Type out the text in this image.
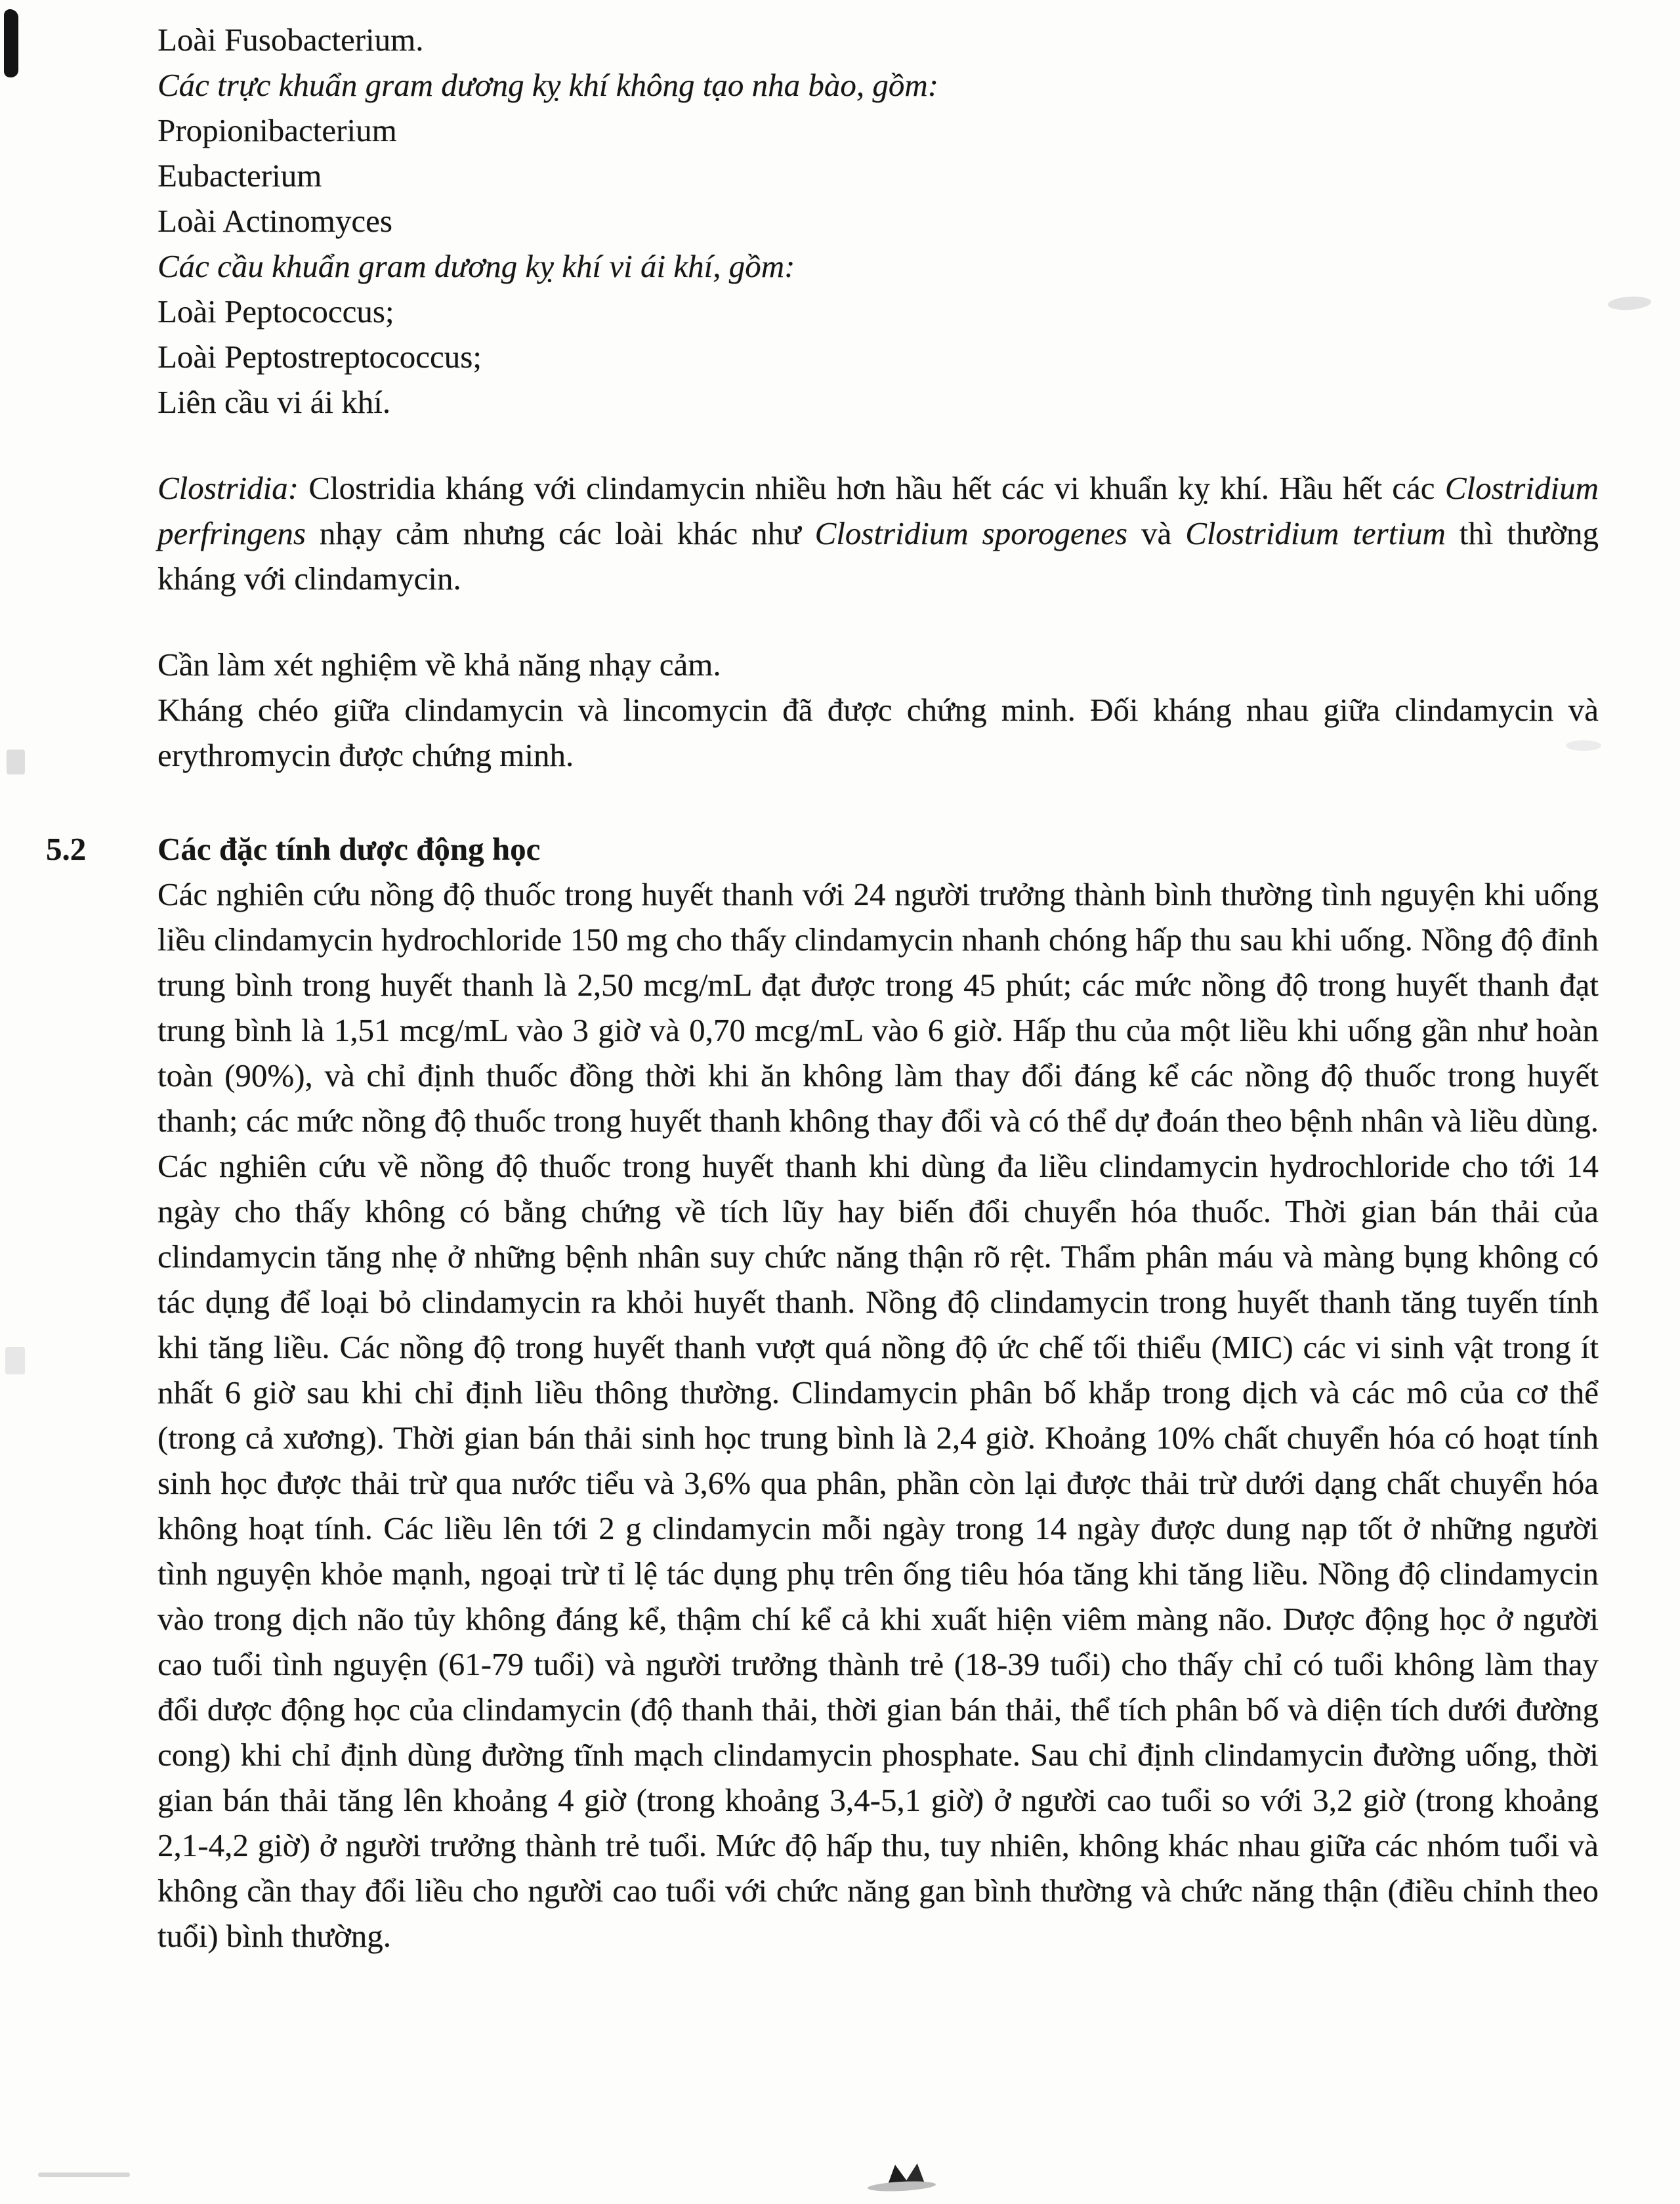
Loài Fusobacterium.
Các trực khuẩn gram dương kỵ khí không tạo nha bào, gồm:
Propionibacterium
Eubacterium
Loài Actinomyces
Các cầu khuẩn gram dương kỵ khí vi ái khí, gồm:
Loài Peptococcus;
Loài Peptostreptococcus;
Liên cầu vi ái khí.

Clostridia: Clostridia kháng với clindamycin nhiều hơn hầu hết các vi khuẩn kỵ khí. Hầu hết các Clostridium perfringens nhạy cảm nhưng các loài khác như Clostridium sporogenes và Clostridium tertium thì thường kháng với clindamycin.

Cần làm xét nghiệm về khả năng nhạy cảm.
Kháng chéo giữa clindamycin và lincomycin đã được chứng minh. Đối kháng nhau giữa clindamycin và erythromycin được chứng minh.
5.2 Các đặc tính dược động học

Các nghiên cứu nồng độ thuốc trong huyết thanh với 24 người trưởng thành bình thường tình nguyện khi uống liều clindamycin hydrochloride 150 mg cho thấy clindamycin nhanh chóng hấp thu sau khi uống. Nồng độ đỉnh trung bình trong huyết thanh là 2,50 mcg/mL đạt được trong 45 phút; các mức nồng độ trong huyết thanh đạt trung bình là 1,51 mcg/mL vào 3 giờ và 0,70 mcg/mL vào 6 giờ. Hấp thu của một liều khi uống gần như hoàn toàn (90%), và chỉ định thuốc đồng thời khi ăn không làm thay đổi đáng kể các nồng độ thuốc trong huyết thanh; các mức nồng độ thuốc trong huyết thanh không thay đổi và có thể dự đoán theo bệnh nhân và liều dùng. Các nghiên cứu về nồng độ thuốc trong huyết thanh khi dùng đa liều clindamycin hydrochloride cho tới 14 ngày cho thấy không có bằng chứng về tích lũy hay biến đổi chuyển hóa thuốc. Thời gian bán thải của clindamycin tăng nhẹ ở những bệnh nhân suy chức năng thận rõ rệt. Thẩm phân máu và màng bụng không có tác dụng để loại bỏ clindamycin ra khỏi huyết thanh. Nồng độ clindamycin trong huyết thanh tăng tuyến tính khi tăng liều. Các nồng độ trong huyết thanh vượt quá nồng độ ức chế tối thiểu (MIC) các vi sinh vật trong ít nhất 6 giờ sau khi chỉ định liều thông thường. Clindamycin phân bố khắp trong dịch và các mô của cơ thể (trong cả xương). Thời gian bán thải sinh học trung bình là 2,4 giờ. Khoảng 10% chất chuyển hóa có hoạt tính sinh học được thải trừ qua nước tiểu và 3,6% qua phân, phần còn lại được thải trừ dưới dạng chất chuyển hóa không hoạt tính. Các liều lên tới 2 g clindamycin mỗi ngày trong 14 ngày được dung nạp tốt ở những người tình nguyện khỏe mạnh, ngoại trừ tỉ lệ tác dụng phụ trên ống tiêu hóa tăng khi tăng liều. Nồng độ clindamycin vào trong dịch não tủy không đáng kể, thậm chí kể cả khi xuất hiện viêm màng não. Dược động học ở người cao tuổi tình nguyện (61-79 tuổi) và người trưởng thành trẻ (18-39 tuổi) cho thấy chỉ có tuổi không làm thay đổi dược động học của clindamycin (độ thanh thải, thời gian bán thải, thể tích phân bố và diện tích dưới đường cong) khi chỉ định dùng đường tĩnh mạch clindamycin phosphate. Sau chỉ định clindamycin đường uống, thời gian bán thải tăng lên khoảng 4 giờ (trong khoảng 3,4-5,1 giờ) ở người cao tuổi so với 3,2 giờ (trong khoảng 2,1-4,2 giờ) ở người trưởng thành trẻ tuổi. Mức độ hấp thu, tuy nhiên, không khác nhau giữa các nhóm tuổi và không cần thay đổi liều cho người cao tuổi với chức năng gan bình thường và chức năng thận (điều chỉnh theo tuổi) bình thường.
